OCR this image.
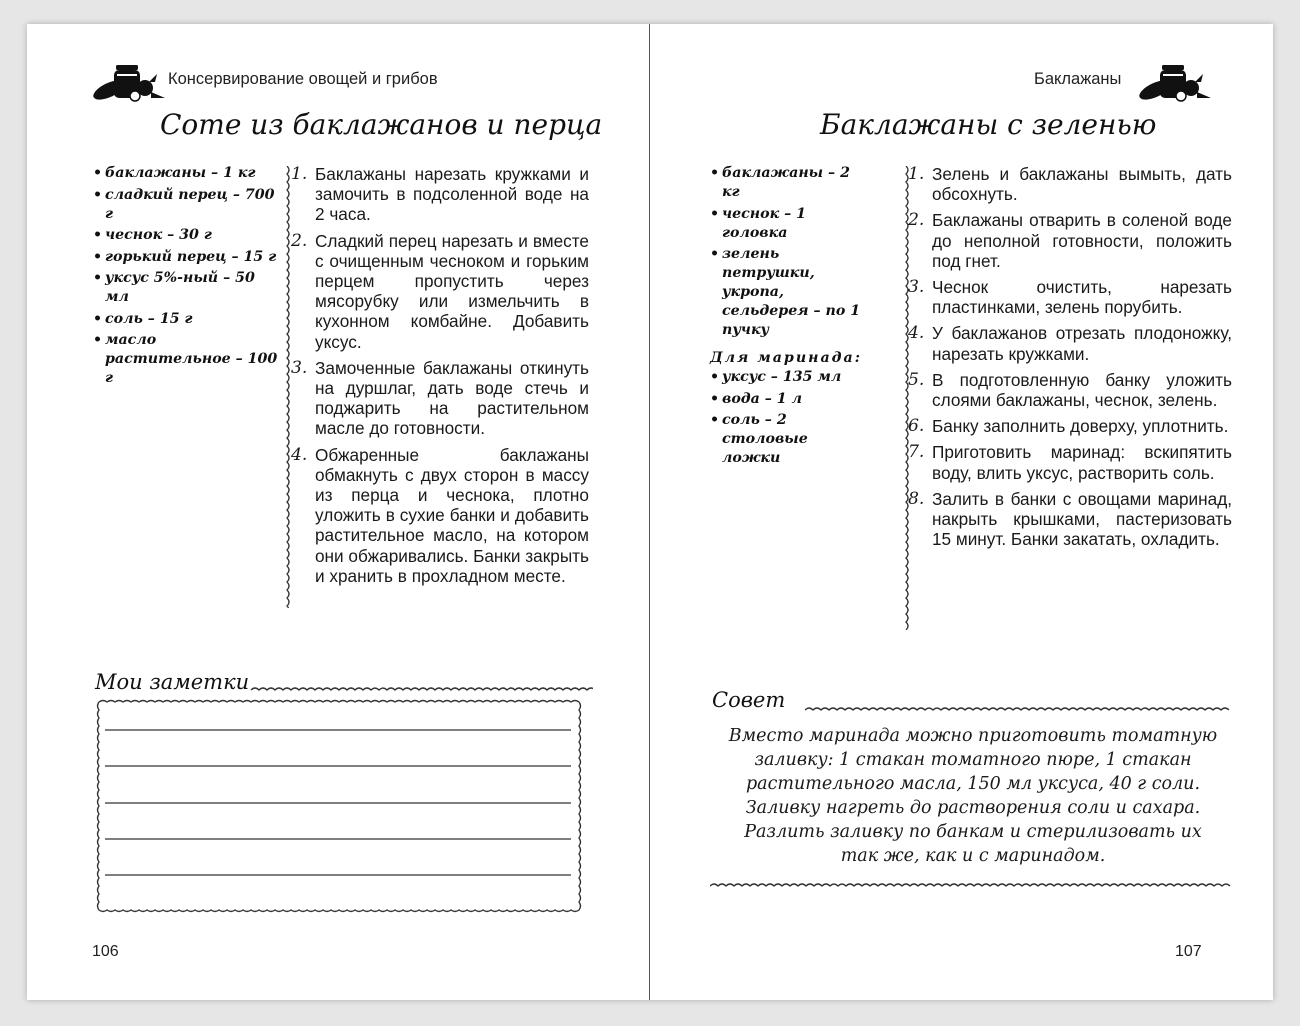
Консервирование овощей и грибов
Соте из баклажанов и перца
• баклажаны – 1 кг
• сладкий перец – 700 г
• чеснок – 30 г
• горький перец – 15 г
• уксус 5%-ный – 50 мл
• соль – 15 г
• масло растительное – 100 г
1. Баклажаны нарезать кружками и замочить в подсоленной воде на 2 часа.
2. Сладкий перец нарезать и вместе с очищенным чесноком и горьким перцем пропустить через мясорубку или измельчить в кухонном комбайне. Добавить уксус.
3. Замоченные баклажаны откинуть на дуршлаг, дать воде стечь и поджарить на растительном масле до готовности.
4. Обжаренные баклажаны обмакнуть с двух сторон в массу из перца и чеснока, плотно уложить в сухие банки и добавить растительное масло, на котором они обжаривались. Банки закрыть и хранить в прохладном месте.
Мои заметки
106
Баклажаны
Баклажаны с зеленью
• баклажаны – 2 кг
• чеснок – 1 головка
• зелень петрушки, укропа, сельдерея – по 1 пучку
Для маринада:
• уксус – 135 мл
• вода – 1 л
• соль – 2 столовые ложки
1. Зелень и баклажаны вымыть, дать обсохнуть.
2. Баклажаны отварить в соленой воде до неполной готовности, положить под гнет.
3. Чеснок очистить, нарезать пластинками, зелень порубить.
4. У баклажанов отрезать плодоножку, нарезать кружками.
5. В подготовленную банку уложить слоями баклажаны, чеснок, зелень.
6. Банку заполнить доверху, уплотнить.
7. Приготовить маринад: вскипятить воду, влить уксус, растворить соль.
8. Залить в банки с овощами маринад, накрыть крышками, пастеризовать 15 минут. Банки закатать, охладить.
Совет
Вместо маринада можно приготовить томатную заливку: 1 стакан томатного пюре, 1 стакан растительного масла, 150 мл уксуса, 40 г соли. Заливку нагреть до растворения соли и сахара. Разлить заливку по банкам и стерилизовать их так же, как и с маринадом.
107
